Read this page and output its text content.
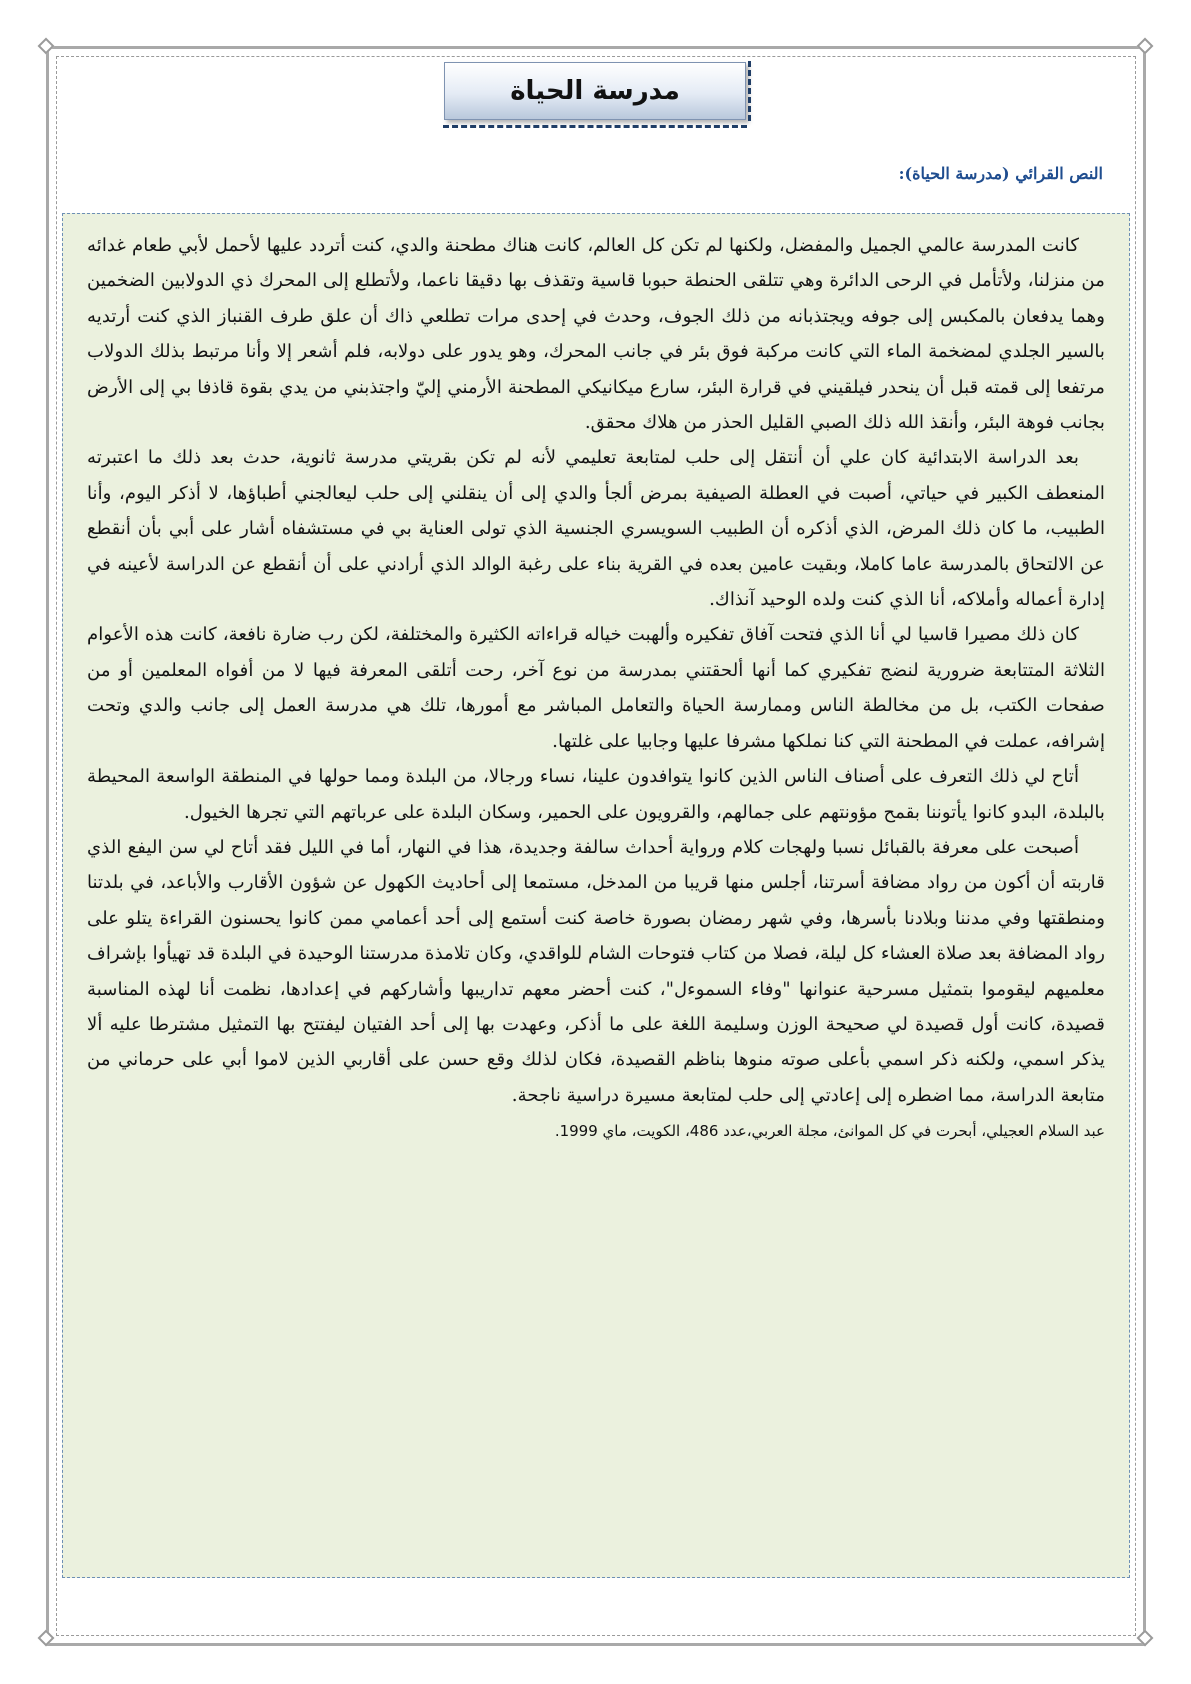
مدرسة الحياة
النص القرائي (مدرسة الحياة):

كانت المدرسة عالمي الجميل والمفضل، ولكنها لم تكن كل العالم، كانت هناك مطحنة والدي، كنت أتردد عليها لأحمل لأبي طعام غدائه من منزلنا، ولأتأمل في الرحى الدائرة وهي تتلقى الحنطة حبوبا قاسية وتقذف بها دقيقا ناعما، ولأتطلع إلى المحرك ذي الدولابين الضخمين وهما يدفعان بالمكبس إلى جوفه ويجتذبانه من ذلك الجوف، وحدث في إحدى مرات تطلعي ذاك أن علق طرف القنباز الذي كنت أرتديه بالسير الجلدي لمضخمة الماء التي كانت مركبة فوق بئر في جانب المحرك، وهو يدور على دولابه، فلم أشعر إلا وأنا مرتبط بذلك الدولاب مرتفعا إلى قمته قبل أن ينحدر فيلقيني في قرارة البئر، سارع ميكانيكي المطحنة الأرمني إليّ واجتذبني من يدي بقوة قاذفا بي إلى الأرض بجانب فوهة البئر، وأنقذ الله ذلك الصبي القليل الحذر من هلاك محقق.

بعد الدراسة الابتدائية كان علي أن أنتقل إلى حلب لمتابعة تعليمي لأنه لم تكن بقريتي مدرسة ثانوية، حدث بعد ذلك ما اعتبرته المنعطف الكبير في حياتي، أصبت في العطلة الصيفية بمرض ألجأ والدي إلى أن ينقلني إلى حلب ليعالجني أطباؤها، لا أذكر اليوم، وأنا الطبيب، ما كان ذلك المرض، الذي أذكره أن الطبيب السويسري الجنسية الذي تولى العناية بي في مستشفاه أشار على أبي بأن أنقطع عن الالتحاق بالمدرسة عاما كاملا، وبقيت عامين بعده في القرية بناء على رغبة الوالد الذي أرادني على أن أنقطع عن الدراسة لأعينه في إدارة أعماله وأملاكه، أنا الذي كنت ولده الوحيد آنذاك.

كان ذلك مصيرا قاسيا لي أنا الذي فتحت آفاق تفكيره وألهبت خياله قراءاته الكثيرة والمختلفة، لكن رب ضارة نافعة، كانت هذه الأعوام الثلاثة المتتابعة ضرورية لنضج تفكيري كما أنها ألحقتني بمدرسة من نوع آخر، رحت أتلقى المعرفة فيها لا من أفواه المعلمين أو من صفحات الكتب، بل من مخالطة الناس وممارسة الحياة والتعامل المباشر مع أمورها، تلك هي مدرسة العمل إلى جانب والدي وتحت إشرافه، عملت في المطحنة التي كنا نملكها مشرفا عليها وجابيا على غلتها.

أتاح لي ذلك التعرف على أصناف الناس الذين كانوا يتوافدون علينا، نساء ورجالا، من البلدة ومما حولها في المنطقة الواسعة المحيطة بالبلدة، البدو كانوا يأتوننا بقمح مؤونتهم على جمالهم، والقرويون على الحمير، وسكان البلدة على عرباتهم التي تجرها الخيول.

أصبحت على معرفة بالقبائل نسبا ولهجات كلام ورواية أحداث سالفة وجديدة، هذا في النهار، أما في الليل فقد أتاح لي سن اليفع الذي قاربته أن أكون من رواد مضافة أسرتنا، أجلس منها قريبا من المدخل، مستمعا إلى أحاديث الكهول عن شؤون الأقارب والأباعد، في بلدتنا ومنطقتها وفي مدننا وبلادنا بأسرها، وفي شهر رمضان بصورة خاصة كنت أستمع إلى أحد أعمامي ممن كانوا يحسنون القراءة يتلو على رواد المضافة بعد صلاة العشاء كل ليلة، فصلا من كتاب فتوحات الشام للواقدي، وكان تلامذة مدرستنا الوحيدة في البلدة قد تهيأوا بإشراف معلميهم ليقوموا بتمثيل مسرحية عنوانها "وفاء السموءل"، كنت أحضر معهم تداريبها وأشاركهم في إعدادها، نظمت أنا لهذه المناسبة قصيدة، كانت أول قصيدة لي صحيحة الوزن وسليمة اللغة على ما أذكر، وعهدت بها إلى أحد الفتيان ليفتتح بها التمثيل مشترطا عليه ألا يذكر اسمي، ولكنه ذكر اسمي بأعلى صوته منوها بناظم القصيدة، فكان لذلك وقع حسن على أقاربي الذين لاموا أبي على حرماني من متابعة الدراسة، مما اضطره إلى إعادتي إلى حلب لمتابعة مسيرة دراسية ناجحة.

عبد السلام العجيلي، أبحرت في كل الموانئ، مجلة العربي،عدد 486، الكويت، ماي 1999.
